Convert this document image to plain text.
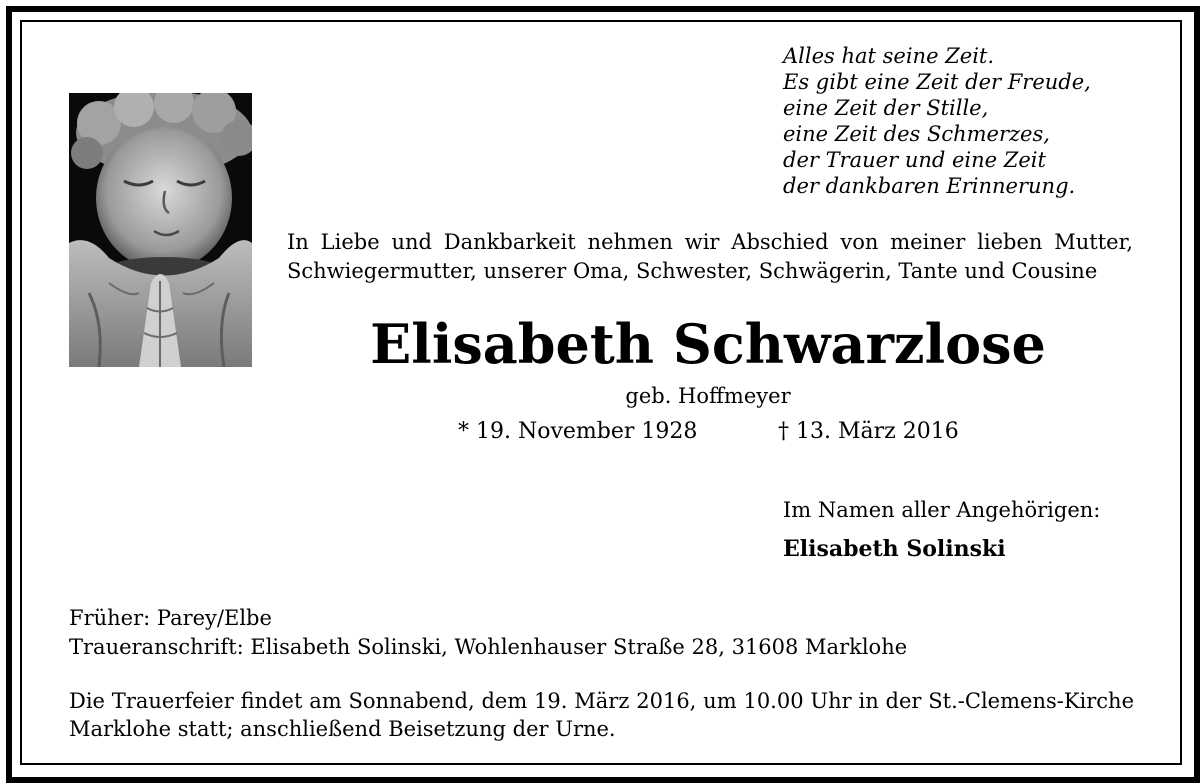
Alles hat seine Zeit.
Es gibt eine Zeit der Freude,
eine Zeit der Stille,
eine Zeit des Schmerzes,
der Trauer und eine Zeit
der dankbaren Erinnerung.
In Liebe und Dankbarkeit nehmen wir Abschied von meiner lieben Mutter, Schwiegermutter, unserer Oma, Schwester, Schwägerin, Tante und Cousine
Elisabeth Schwarzlose
geb. Hoffmeyer
* 19. November 1928	† 13. März 2016
Im Namen aller Angehörigen:
Elisabeth Solinski
Früher: Parey/Elbe
Traueranschrift: Elisabeth Solinski, Wohlenhauser Straße 28, 31608 Marklohe
Die Trauerfeier findet am Sonnabend, dem 19. März 2016, um 10.00 Uhr in der St.-Clemens-Kirche Marklohe statt; anschließend Beisetzung der Urne.
